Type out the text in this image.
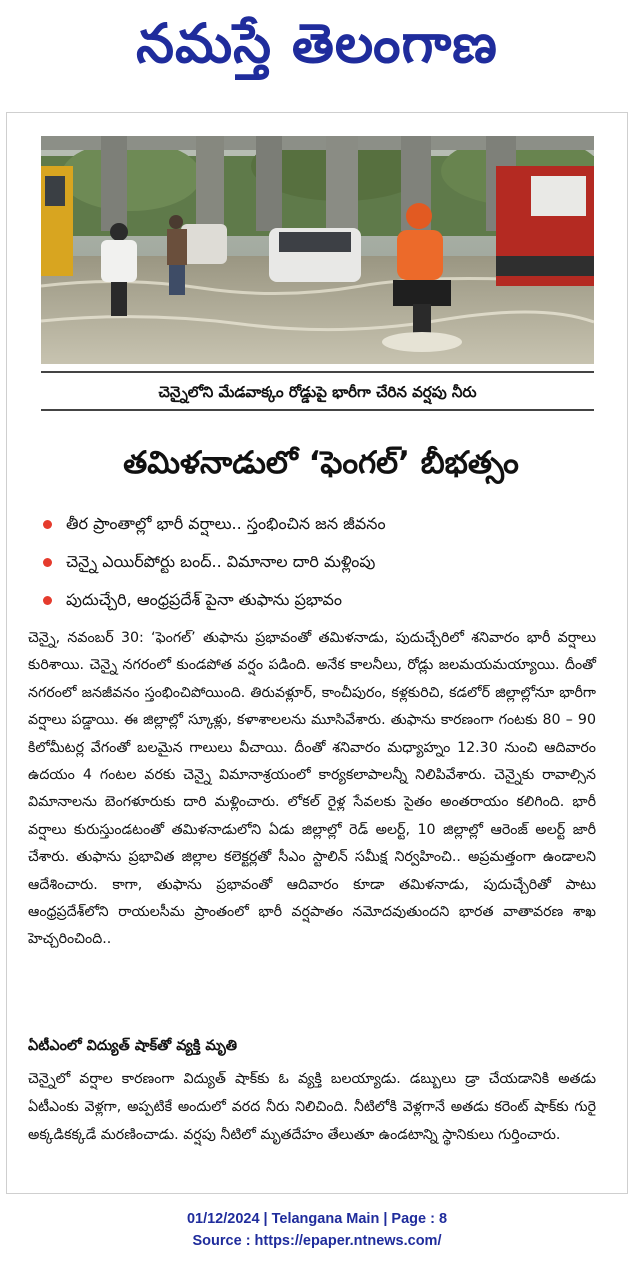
నమస్తే తెలంగాణ
చెన్నైలోని మేడవాక్కం రోడ్డుపై భారీగా చేరిన వర్షపు నీరు
తమిళనాడులో ‘ఫెంగల్’ బీభత్సం
తీర ప్రాంతాల్లో భారీ వర్షాలు.. స్తంభించిన జన జీవనం
చెన్నై ఎయిర్‌పోర్టు బంద్.. విమానాల దారి మళ్లింపు
పుదుచ్చేరి, ఆంధ్రప్రదేశ్ పైనా తుఫాను ప్రభావం

చెన్నై, నవంబర్ 30: ‘ఫెంగల్’ తుఫాను ప్రభావంతో తమిళనాడు, పుదుచ్చేరిలో శనివారం భారీ వర్షాలు కురిశాయి. చెన్నై నగరంలో కుండపోత వర్షం పడింది. అనేక కాలనీలు, రోడ్లు జలమయమయ్యాయి. దీంతో నగరంలో జనజీవనం స్తంభించిపోయింది. తిరువళ్లూర్, కాంచీపురం, కళ్లకురిచి, కడలోర్ జిల్లాల్లోనూ భారీగా వర్షాలు పడ్డాయి. ఈ జిల్లాల్లో స్కూళ్లు, కళాశాలలను మూసివేశారు. తుఫాను కారణంగా గంటకు 80 – 90 కిలోమీటర్ల వేగంతో బలమైన గాలులు వీచాయి. దీంతో శనివారం మధ్యాహ్నం 12.30 నుంచి ఆదివారం ఉదయం 4 గంటల వరకు చెన్నై విమానాశ్రయంలో కార్యకలాపాలన్నీ నిలిపివేశారు. చెన్నైకు రావాల్సిన విమానాలను బెంగళూరుకు దారి మళ్లించారు. లోకల్ రైళ్ల సేవలకు సైతం అంతరాయం కలిగింది. భారీ వర్షాలు కురుస్తుండటంతో తమిళనాడులోని ఏడు జిల్లాల్లో రెడ్ అలర్ట్, 10 జిల్లాల్లో ఆరెంజ్ అలర్ట్ జారీ చేశారు. తుఫాను ప్రభావిత జిల్లాల కలెక్టర్లతో సీఎం స్టాలిన్ సమీక్ష నిర్వహించి.. అప్రమత్తంగా ఉండాలని ఆదేశించారు. కాగా, తుఫాను ప్రభావంతో ఆదివారం కూడా తమిళనాడు, పుదుచ్చేరితో పాటు ఆంధ్రప్రదేశ్‌లోని రాయలసీమ ప్రాంతంలో భారీ వర్షపాతం నమోదవుతుందని భారత వాతావరణ శాఖ హెచ్చరించింది..

ఏటీఎంలో విద్యుత్ షాక్‌తో వ్యక్తి మృతి

చెన్నైలో వర్షాల కారణంగా విద్యుత్ షాక్‌కు ఓ వ్యక్తి బలయ్యాడు. డబ్బులు డ్రా చేయడానికి అతడు ఏటీఎంకు వెళ్లగా, అప్పటికే అందులో వరద నీరు నిలిచింది. నీటిలోకి వెళ్లగానే అతడు కరెంట్ షాక్‌కు గురై అక్కడికక్కడే మరణించాడు. వర్షపు నీటిలో మృతదేహం తేలుతూ ఉండటాన్ని స్థానికులు గుర్తించారు.

01/12/2024 | Telangana Main | Page : 8
Source : https://epaper.ntnews.com/
